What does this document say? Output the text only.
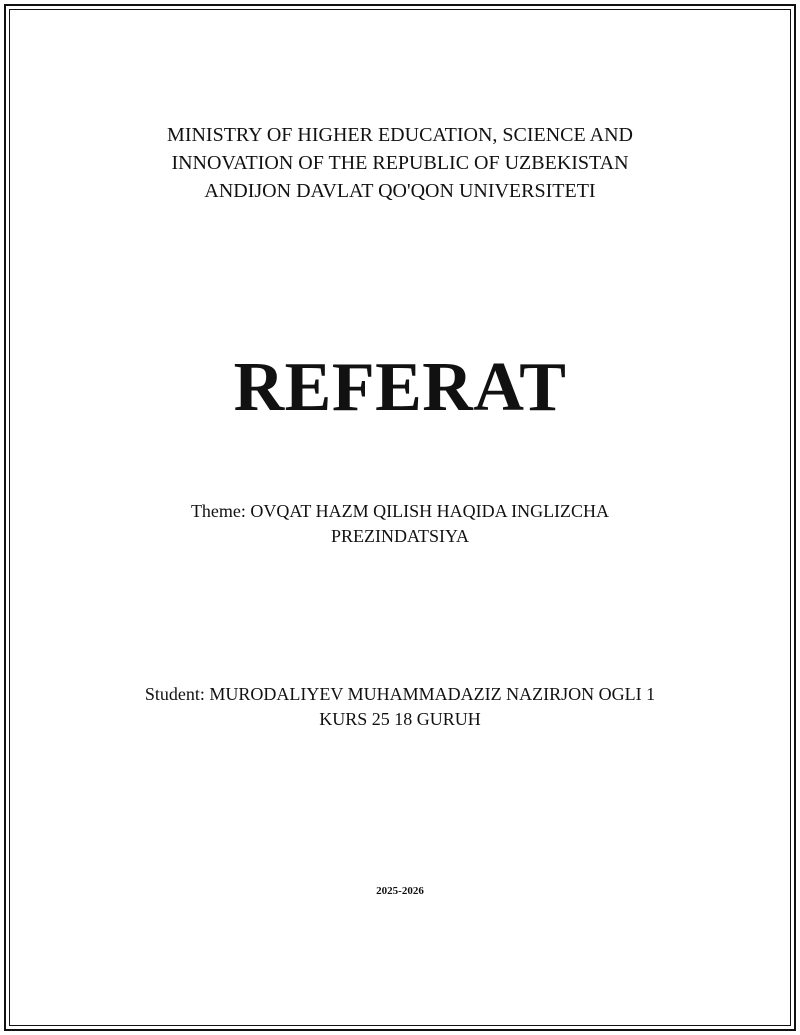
MINISTRY OF HIGHER EDUCATION, SCIENCE AND
INNOVATION OF THE REPUBLIC OF UZBEKISTAN
ANDIJON DAVLAT QO'QON UNIVERSITETI
REFERAT
Theme: OVQAT HAZM QILISH HAQIDA INGLIZCHA
PREZINDATSIYA
Student: MURODALIYEV MUHAMMADAZIZ NAZIRJON OGLI 1
KURS 25 18 GURUH
2025-2026
